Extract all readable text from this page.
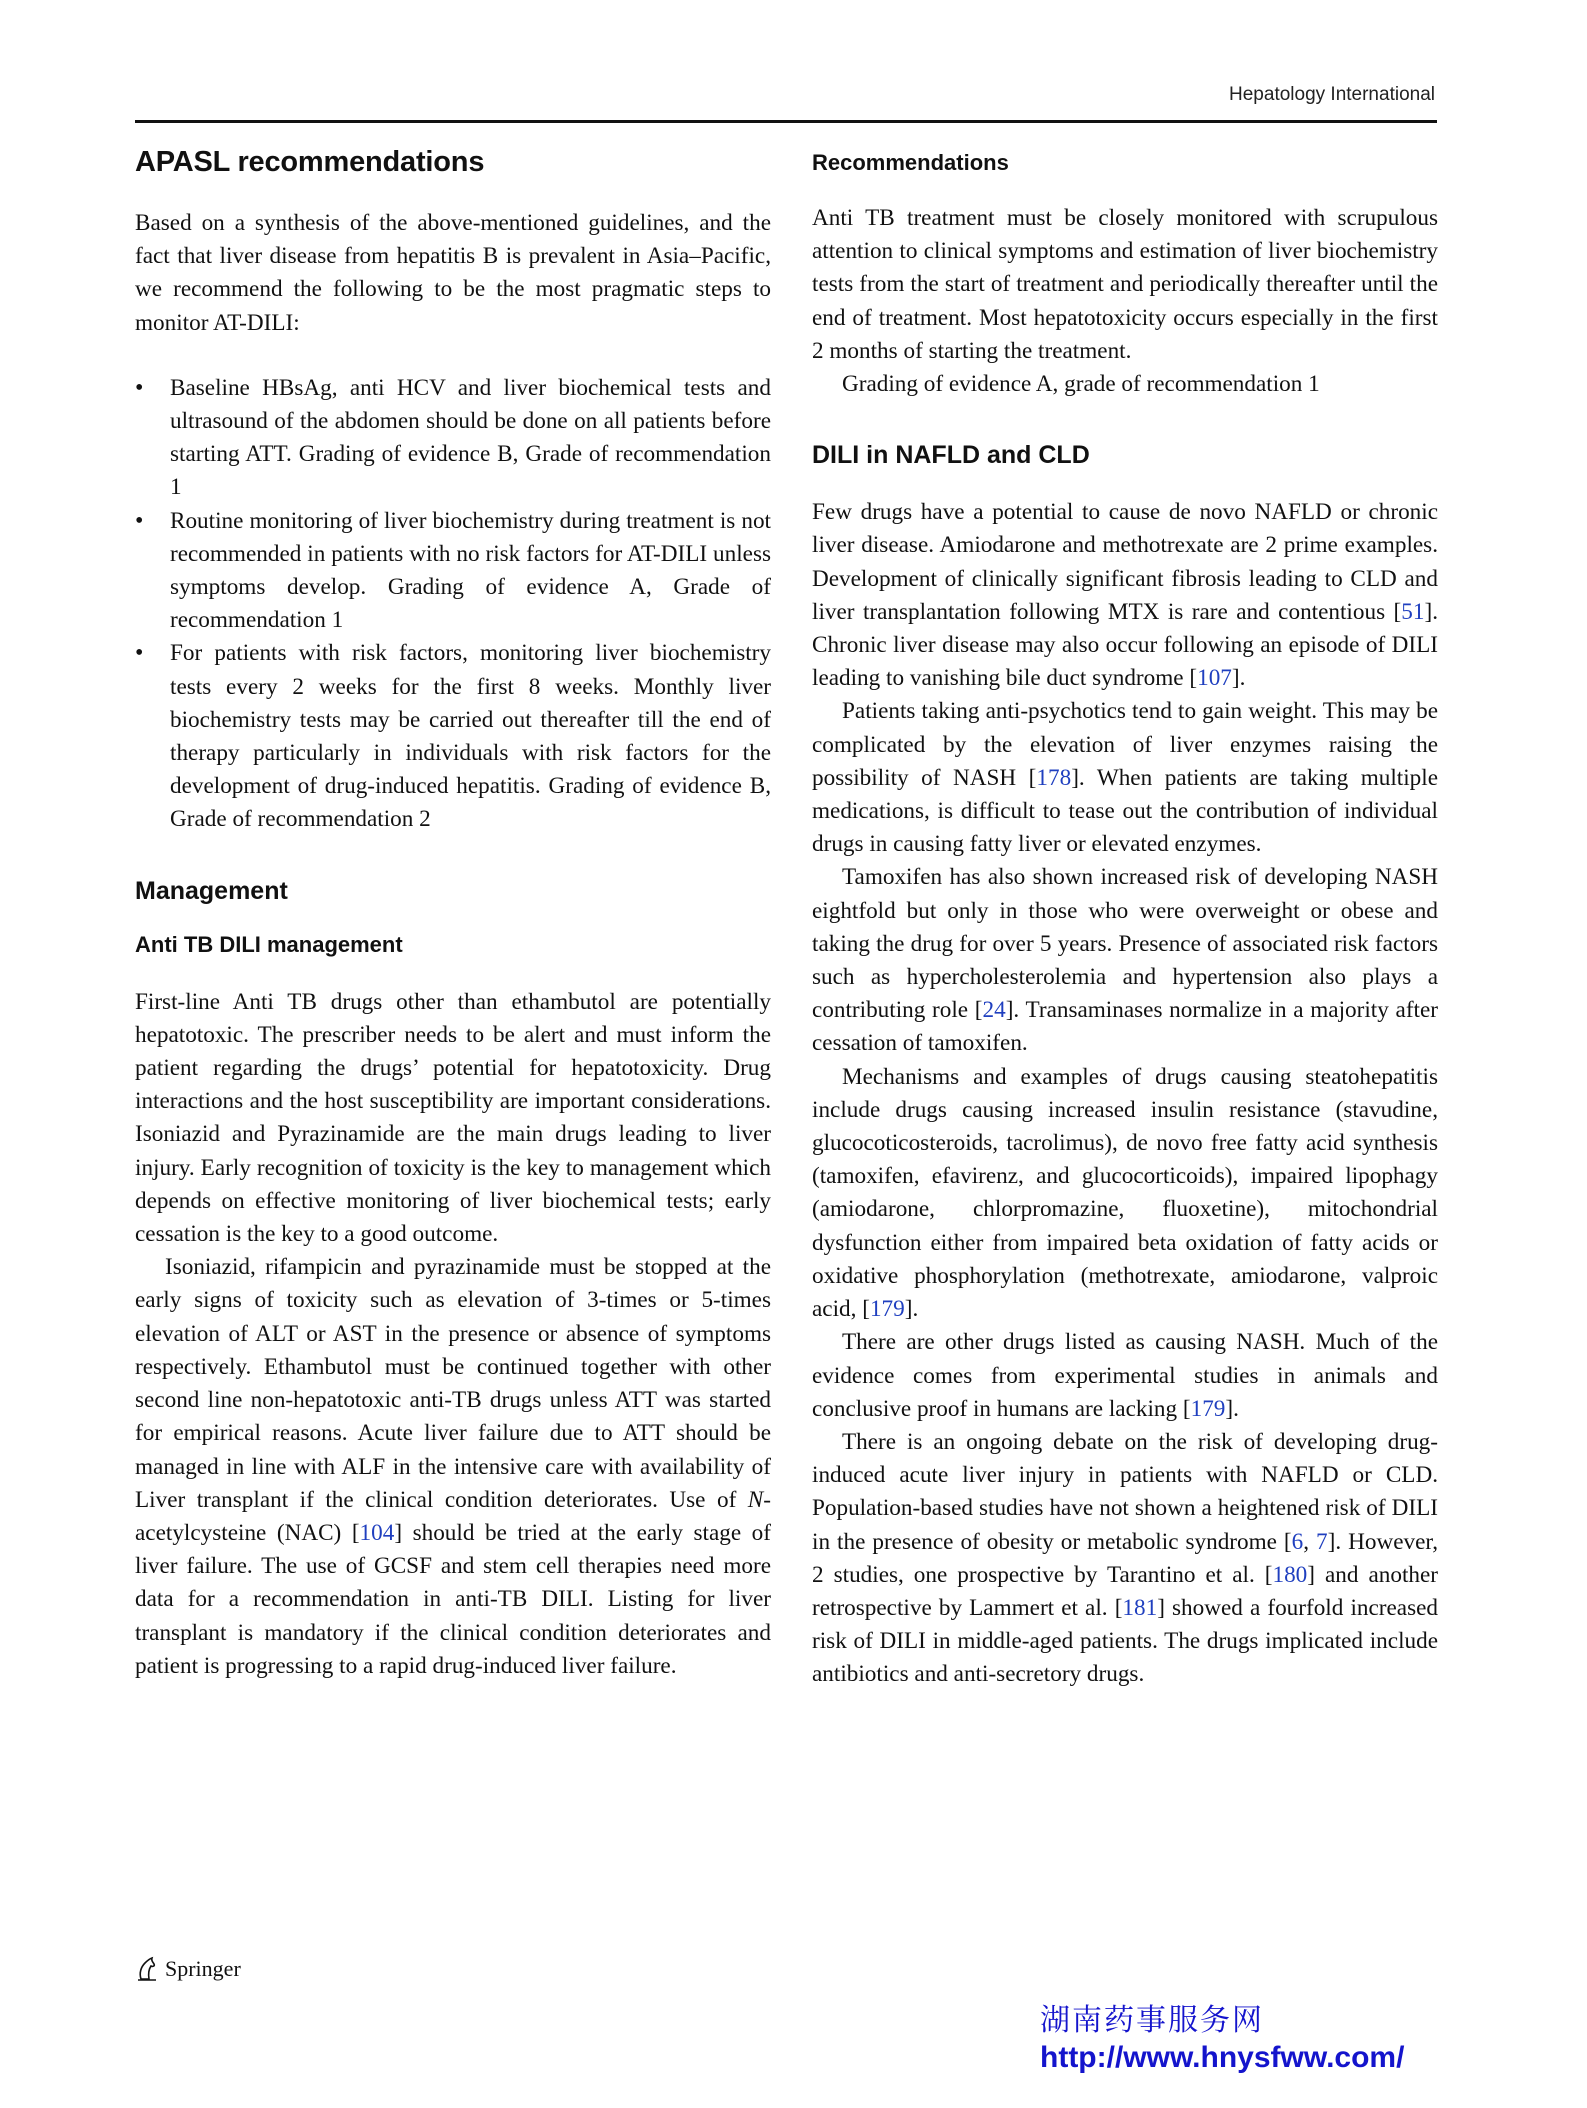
Hepatology International
APASL recommendations

Based on a synthesis of the above-mentioned guidelines, and the fact that liver disease from hepatitis B is prevalent in Asia–Pacific, we recommend the following to be the most pragmatic steps to monitor AT-DILI:

• Baseline HBsAg, anti HCV and liver biochemical tests and ultrasound of the abdomen should be done on all patients before starting ATT. Grading of evidence B, Grade of recommendation 1
• Routine monitoring of liver biochemistry during treatment is not recommended in patients with no risk factors for AT-DILI unless symptoms develop. Grading of evidence A, Grade of recommendation 1
• For patients with risk factors, monitoring liver biochemistry tests every 2 weeks for the first 8 weeks. Monthly liver biochemistry tests may be carried out thereafter till the end of therapy particularly in individuals with risk factors for the development of drug-induced hepatitis. Grading of evidence B, Grade of recommendation 2
Management
Anti TB DILI management

First-line Anti TB drugs other than ethambutol are potentially hepatotoxic. The prescriber needs to be alert and must inform the patient regarding the drugs’ potential for hepatotoxicity. Drug interactions and the host susceptibility are important considerations. Isoniazid and Pyrazinamide are the main drugs leading to liver injury. Early recognition of toxicity is the key to management which depends on effective monitoring of liver biochemical tests; early cessation is the key to a good outcome.

Isoniazid, rifampicin and pyrazinamide must be stopped at the early signs of toxicity such as elevation of 3-times or 5-times elevation of ALT or AST in the presence or absence of symptoms respectively. Ethambutol must be continued together with other second line non-hepatotoxic anti-TB drugs unless ATT was started for empirical reasons. Acute liver failure due to ATT should be managed in line with ALF in the intensive care with availability of Liver transplant if the clinical condition deteriorates. Use of N-acetylcysteine (NAC) [104] should be tried at the early stage of liver failure. The use of GCSF and stem cell therapies need more data for a recommendation in anti-TB DILI. Listing for liver transplant is mandatory if the clinical condition deteriorates and patient is progressing to a rapid drug-induced liver failure.

Recommendations

Anti TB treatment must be closely monitored with scrupulous attention to clinical symptoms and estimation of liver biochemistry tests from the start of treatment and periodically thereafter until the end of treatment. Most hepatotoxicity occurs especially in the first 2 months of starting the treatment.

Grading of evidence A, grade of recommendation 1

DILI in NAFLD and CLD

Few drugs have a potential to cause de novo NAFLD or chronic liver disease. Amiodarone and methotrexate are 2 prime examples. Development of clinically significant fibrosis leading to CLD and liver transplantation following MTX is rare and contentious [51]. Chronic liver disease may also occur following an episode of DILI leading to vanishing bile duct syndrome [107].

Patients taking anti-psychotics tend to gain weight. This may be complicated by the elevation of liver enzymes raising the possibility of NASH [178]. When patients are taking multiple medications, is difficult to tease out the contribution of individual drugs in causing fatty liver or elevated enzymes.

Tamoxifen has also shown increased risk of developing NASH eightfold but only in those who were overweight or obese and taking the drug for over 5 years. Presence of associated risk factors such as hypercholesterolemia and hypertension also plays a contributing role [24]. Transaminases normalize in a majority after cessation of tamoxifen.

Mechanisms and examples of drugs causing steatohepatitis include drugs causing increased insulin resistance (stavudine, glucocoticosteroids, tacrolimus), de novo free fatty acid synthesis (tamoxifen, efavirenz, and glucocorticoids), impaired lipophagy (amiodarone, chlorpromazine, fluoxetine), mitochondrial dysfunction either from impaired beta oxidation of fatty acids or oxidative phosphorylation (methotrexate, amiodarone, valproic acid, [179].

There are other drugs listed as causing NASH. Much of the evidence comes from experimental studies in animals and conclusive proof in humans are lacking [179].

There is an ongoing debate on the risk of developing drug-induced acute liver injury in patients with NAFLD or CLD. Population-based studies have not shown a heightened risk of DILI in the presence of obesity or metabolic syndrome [6, 7]. However, 2 studies, one prospective by Tarantino et al. [180] and another retrospective by Lammert et al. [181] showed a fourfold increased risk of DILI in middle-aged patients. The drugs implicated include antibiotics and anti-secretory drugs.

Springer
湖南药事服务网
http://www.hnysfww.com/
